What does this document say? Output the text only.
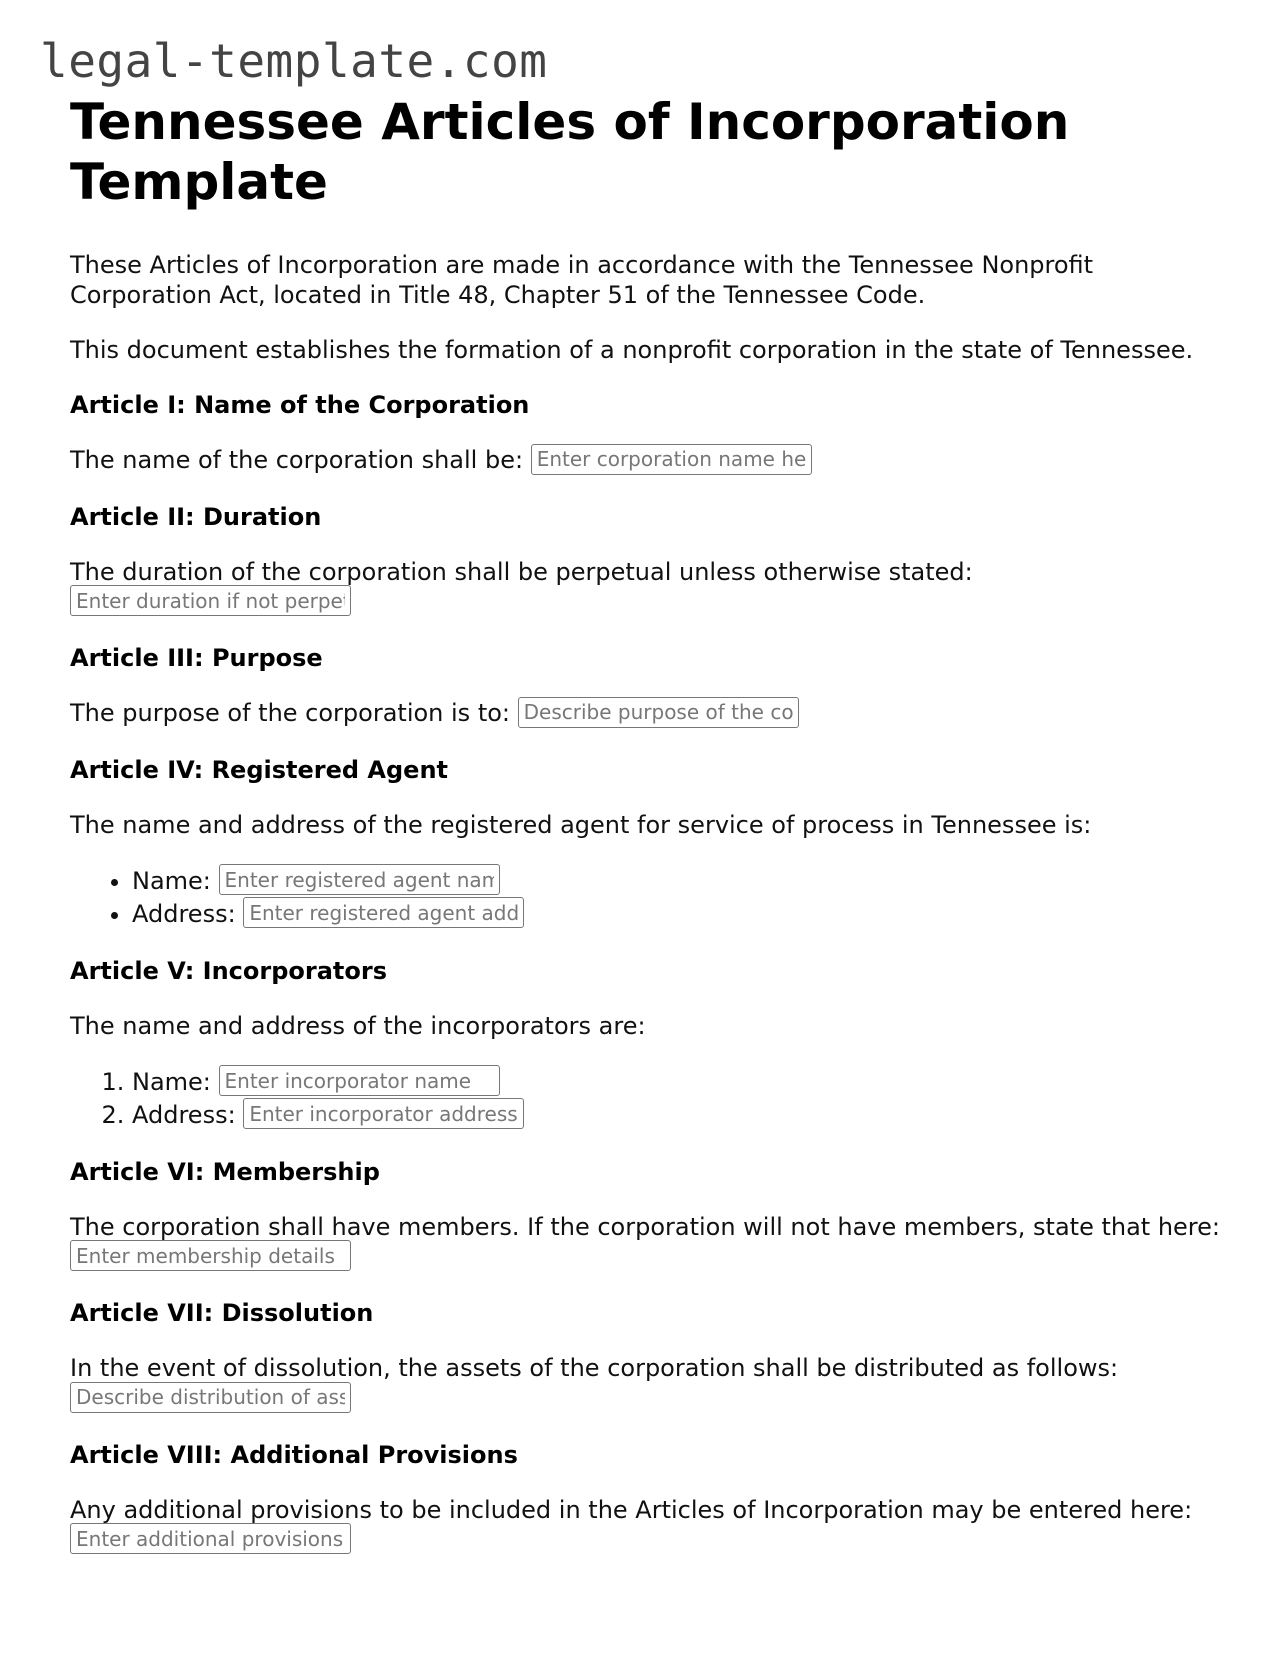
legal-template.com
Tennessee Articles of Incorporation Template

These Articles of Incorporation are made in accordance with the Tennessee Nonprofit Corporation Act, located in Title 48, Chapter 51 of the Tennessee Code.

This document establishes the formation of a nonprofit corporation in the state of Tennessee.

Article I: Name of the Corporation

The name of the corporation shall be: Enter corporation name here

Article II: Duration

The duration of the corporation shall be perpetual unless otherwise stated: Enter duration if not perpetual

Article III: Purpose

The purpose of the corporation is to: Describe purpose of the corporation

Article IV: Registered Agent

The name and address of the registered agent for service of process in Tennessee is:

• Name: Enter registered agent name
• Address: Enter registered agent address
Article V: Incorporators

The name and address of the incorporators are:

1. Name: Enter incorporator name
2. Address: Enter incorporator address
Article VI: Membership

The corporation shall have members. If the corporation will not have members, state that here: Enter membership details

Article VII: Dissolution

In the event of dissolution, the assets of the corporation shall be distributed as follows: Describe distribution of assets

Article VIII: Additional Provisions

Any additional provisions to be included in the Articles of Incorporation may be entered here: Enter additional provisions
